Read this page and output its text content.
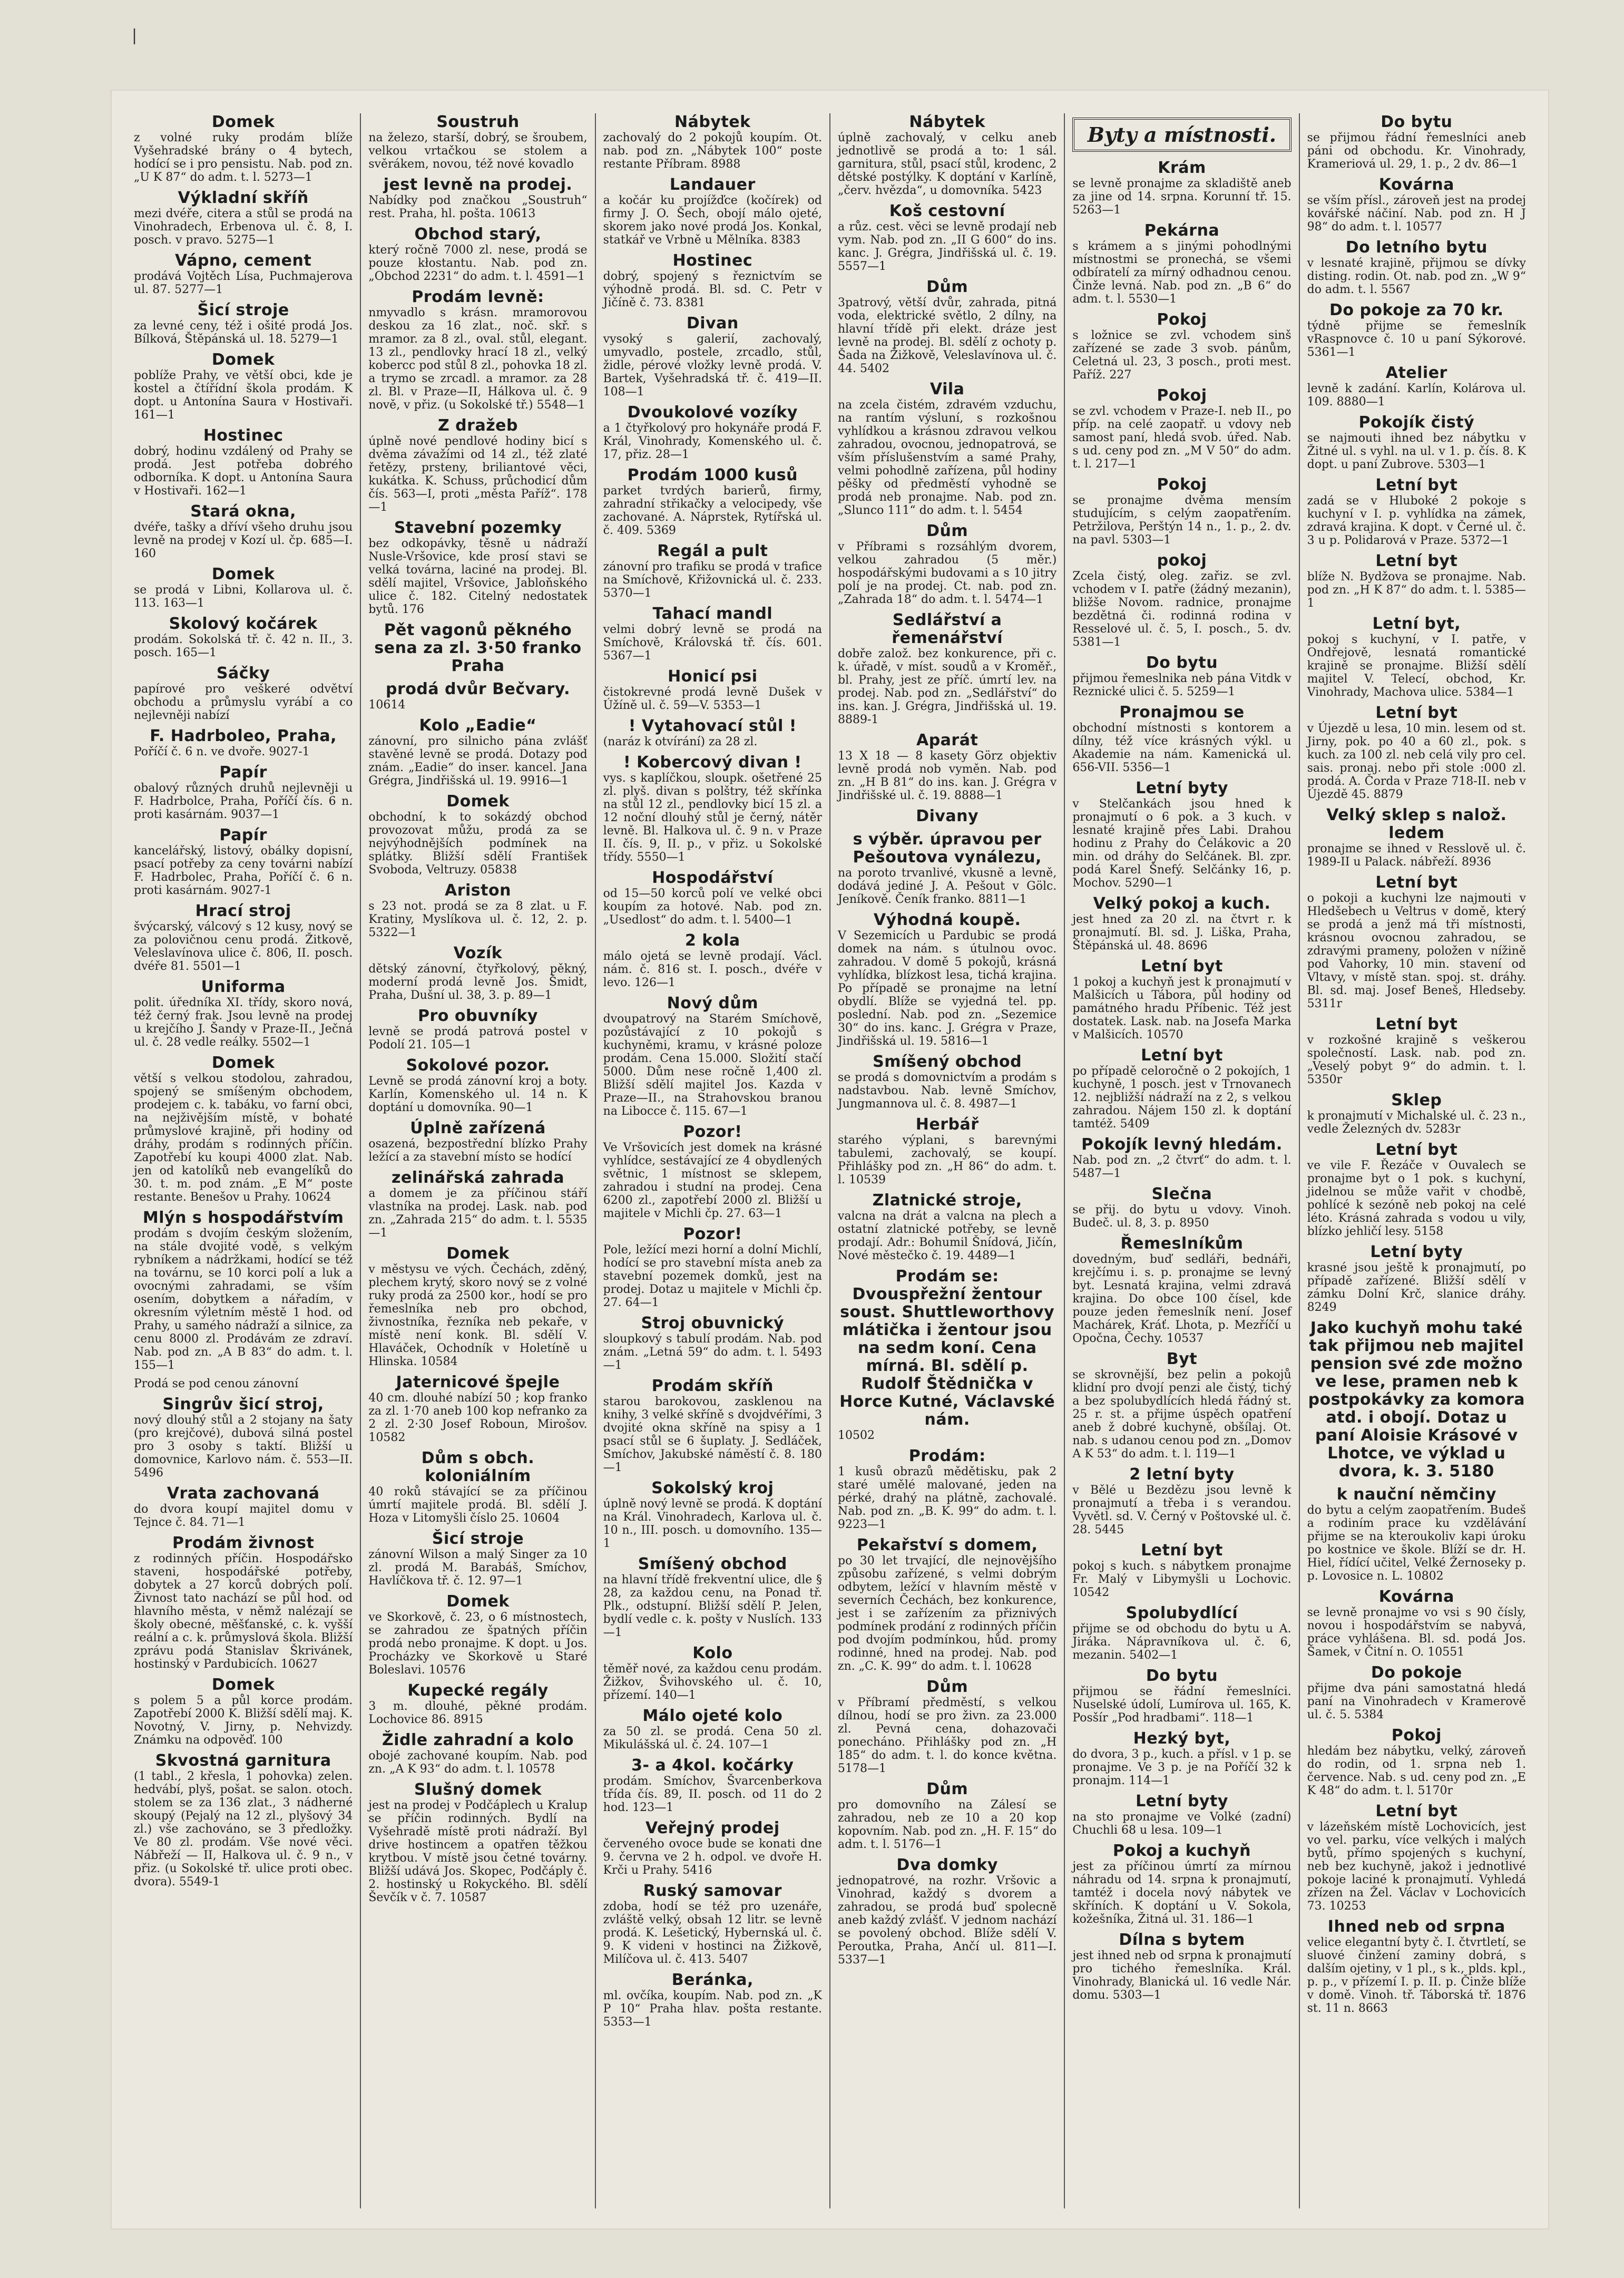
|
Domek

z volné ruky prodám blíže Vyšehradské brány o 4 bytech, hodící se i pro pensistu. Nab. pod zn. „U K 87“ do adm. t. l. 5273—1

Výkladní skříň

mezi dvéře, citera a stůl se prodá na Vinohradech, Erbenova ul. č. 8, I. posch. v pravo. 5275—1

Vápno, cement

prodává Vojtěch Lísa, Puchmajerova ul. 87. 5277—1

Šicí stroje

za levné ceny, též i ošité prodá Jos. Bílková, Štěpánská ul. 18. 5279—1

Domek

poblíže Prahy, ve větší obci, kde je kostel a čtířídní škola prodám. K dopt. u Antonína Saura v Hostivaři. 161—1

Hostinec

dobrý, hodinu vzdálený od Prahy se prodá. Jest potřeba dobrého odborníka. K dopt. u Antonína Saura v Hostivaři. 162—1

Stará okna,

dvéře, tašky a dříví všeho druhu jsou levně na prodej v Kozí ul. čp. 685—I. 160

Domek

se prodá v Libni, Kollarova ul. č. 113. 163—1

Skolový kočárek

prodám. Sokolská tř. č. 42 n. II., 3. posch. 165—1

Sáčky

papírové pro veškeré odvětví obchodu a průmyslu vyrábí a co nejlevněji nabízí

F. Hadrboleo, Praha,

Poříčí č. 6 n. ve dvoře. 9027-1

Papír

obalový různých druhů nejlevněji u F. Hadrbolce, Praha, Poříčí čís. 6 n. proti kasárnám. 9037—1

Papír

kancelářský, listový, obálky dopisní, psací potřeby za ceny továrni nabízí F. Hadrbolec, Praha, Poříčí č. 6 n. proti kasárnám. 9027-1

Hrací stroj

švýcarský, válcový s 12 kusy, nový se za polovičnou cenu prodá. Žitkově, Veleslavínova ulice č. 806, II. posch. dvéře 81. 5501—1

Uniforma

polit. úředníka XI. třídy, skoro nová, též černý frak. Jsou levně na prodej u krejčího J. Šandy v Praze-II., Ječná ul. č. 28 vedle reálky. 5502—1

Domek

větší s velkou stodolou, zahradou, spojený se smíšeným obchodem, prodejem c. k. tabáku, vo farní obci, na nejživějším místě, v bohaté průmyslové krajině, při hodiny od dráhy, prodám s rodinných příčin. Zapotřebí ku koupi 4000 zlat. Nab. jen od katolíků neb evangelíků do 30. t. m. pod znám. „E M“ poste restante. Benešov u Prahy. 10624

Mlýn s hospodářstvím

prodám s dvojím českým složením, na stále dvojité vodě, s velkým rybníkem a nádržkami, hodící se též na továrnu, se 10 korci polí a luk a ovocnými zahradami, se vším osením, dobytkem a nářadím, v okresním výletním městě 1 hod. od Prahy, u samého nádraží a silnice, za cenu 8000 zl. Prodávám ze zdraví. Nab. pod zn. „A B 83“ do adm. t. l. 155—1

Prodá se pod cenou zánovní

Singrův šicí stroj,

nový dlouhý stůl a 2 stojany na šaty (pro krejčové), dubová silná postel pro 3 osoby s taktí. Bližší u domovnice, Karlovo nám. č. 553—II. 5496

Vrata zachovaná

do dvora koupí majitel domu v Tejnce č. 84. 71—1

Prodám živnost

z rodinných příčin. Hospodářsko staveni, hospodářské potřeby, dobytek a 27 korců dobrých polí. Živnost tato nachází se půl hod. od hlavního města, v němž nalézají se školy obecné, měšťanské, c. k. vyšší reální a c. k. průmyslová škola. Bližší zprávu podá Stanislav Škrivánek, hostinský v Pardubicích. 10627

Domek

s polem 5 a půl korce prodám. Zapotřebí 2000 K. Bližší sdělí maj. K. Novotný, V. Jirny, p. Nehvizdy. Známku na odpověď. 100

Skvostná garnitura

(1 tabl., 2 křesla, 1 pohovka) zelen. hedvábí, plyš, pošat. se salon. otoch. stolem se za 136 zlat., 3 nádherné skoupý (Pejalý na 12 zl., plyšový 34 zl.) vše zachováno, se 3 předložky. Ve 80 zl. prodám. Vše nové věci. Nábřeží — II, Halkova ul. č. 9 n., v přiz. (u Sokolské tř. ulice proti obec. dvora). 5549-1

Soustruh

na železo, starší, dobrý, se šroubem, velkou vrtačkou se stolem a svěrákem, novou, též nové kovadlo

jest levně na prodej.

Nabídky pod značkou „Soustruh“ rest. Praha, hl. pošta. 10613

Obchod starý,

který ročně 7000 zl. nese, prodá se pouze kłostantu. Nab. pod zn. „Obchod 2231“ do adm. t. l. 4591—1

Prodám levně:

nmyvadlo s krásn. mramorovou deskou za 16 zlat., noč. skř. s mramor. za 8 zl., oval. stůl, elegant. 13 zl., pendlovky hrací 18 zl., velký kobercc pod stůl 8 zl., pohovka 18 zl. a trymo se zrcadl. a mramor. za 28 zl. Bl. v Praze—II, Hálkova ul. č. 9 nově, v přiz. (u Sokolské tř.) 5548—1

Z dražeb

úplně nové pendlové hodiny bicí s dvěma závažími od 14 zl., též zlaté řetězy, prsteny, briliantové věci, kukátka. K. Schuss, průchodicí dům čís. 563—I, proti „města Paříž“. 178—1

Stavební pozemky

bez odkopávky, těsně u nádraží Nusle-Vršovice, kde prosí stavi se velká továrna, laciné na prodej. Bl. sdělí majitel, Vršovice, Jabloňského ulice č. 182. Citelný nedostatek bytů. 176

Pět vagonů pěkného sena za zl. 3·50 franko Praha
prodá dvůr Bečvary.

10614

Kolo „Eadie“

zánovní, pro silnicho pána zvlášť stavěné levně se prodá. Dotazy pod znám. „Eadie“ do inser. kancel. Jana Grégra, Jindřišská ul. 19. 9916—1

Domek

obchodní, k to sokázdý obchod provozovat můžu, prodá za se nejvýhodnějších podmínek na splátky. Bližší sdělí František Svoboda, Veltruzy. 05838

Ariston

s 23 not. prodá se za 8 zlat. u F. Kratiny, Myslíkova ul. č. 12, 2. p. 5322—1

Vozík

dětský zánovní, čtyřkolový, pěkný, moderní prodá levně Jos. Šmidt, Praha, Dušní ul. 38, 3. p. 89—1

Pro obuvníky

levně se prodá patrová postel v Podolí 21. 105—1

Sokolové pozor.

Levně se prodá zánovní kroj a boty. Karlín, Komenského ul. 14 n. K doptání u domovníka. 90—1

Úplně zařízená

osazená, bezpostřední blízko Prahy ležící a za stavební místo se hodící

zelinářská zahrada

a domem je za příčinou stáří vlastníka na prodej. Lask. nab. pod zn. „Zahrada 215“ do adm. t. l. 5535—1

Domek

v městysu ve vých. Čechách, zděný, plechem krytý, skoro nový se z volné ruky prodá za 2500 kor., hodí se pro řemeslníka neb pro obchod, živnostníka, řezníka neb pekaře, v místě není konk. Bl. sdělí V. Hlaváček, Ochodník v Holetíně u Hlinska. 10584

Jaternicové špejle

40 cm. dlouhé nabízí 50 ; kop franko za zl. 1·70 aneb 100 kop nefranko za 2 zl. 2·30 Josef Roboun, Mirošov. 10582

Dům s obch. koloniálním

40 roků stávající se za příčinou úmrtí majitele prodá. Bl. sdělí J. Hoza v Litomyšli číslo 25. 10604

Šicí stroje

zánovní Wilson a malý Singer za 10 zl. prodá M. Barabáš, Smíchov, Havlíčkova tř. č. 12. 97—1

Domek

ve Skorkově, č. 23, o 6 místnostech, se zahradou ze špatných příčin prodá nebo pronajme. K dopt. u Jos. Procházky ve Skorkově u Staré Boleslavi. 10576

Kupecké regály

3 m. dlouhé, pěkné prodám. Lochovice 86. 8915

Židle zahradní a kolo

obojé zachované koupím. Nab. pod zn. „A K 93“ do adm. t. l. 10578

Slušný domek

jest na prodej v Podčáplech u Kralup se příčin rodinných. Bydlí na Vyšehradě místě proti nádraží. Byl drive hostincem a opatřen těžkou krytbou. V místě jsou četné továrny. Bližší udává Jos. Skopec, Podčáply č. 2. hostinský u Rokyckého. Bl. sdělí Ševčík v č. 7. 10587

Nábytek

zachovalý do 2 pokojů koupím. Ot. nab. pod zn. „Nábytek 100“ poste restante Příbram. 8988

Landauer

a kočár ku projížďce (kočírek) od firmy J. O. Šech, obojí málo ojeté, skorem jako nové prodá Jos. Konkal, statkář ve Vrbně u Mělníka. 8383

Hostinec

dobrý, spojený s řeznictvím se výhodně prodá. Bl. sd. C. Petr v Jičíně č. 73. 8381

Divan

vysoký s galerií, zachovalý, umyvadlo, postele, zrcadlo, stůl, židle, pérové vložky levně prodá. V. Bartek, Vyšehradská tř. č. 419—II. 108—1

Dvoukolové vozíky

a 1 čtyřkolový pro hokynáře prodá F. Král, Vinohrady, Komenského ul. č. 17, přiz. 28—1

Prodám 1000 kusů

parket tvrdých barierů, firmy, zahradní střikačky a velocipedy, vše zachované. A. Náprstek, Rytířská ul. č. 409. 5369

Regál a pult

zánovní pro trafiku se prodá v trafice na Smíchově, Křižovnická ul. č. 233. 5370—1

Tahací mandl

velmi dobrý levně se prodá na Smíchově, Královská tř. čís. 601. 5367—1

Honicí psi

čistokrevné prodá levně Dušek v Úžíně ul. č. 59—V. 5353—1

! Vytahovací stůl !

(naráz k otvírání) za 28 zl.

! Kobercový divan !

vys. s kaplíčkou, sloupk. ošetřené 25 zl. plyš. divan s polštry, též skřínka na stůl 12 zl., pendlovky bicí 15 zl. a 12 noční dlouhý stůl je černý, nátěr levně. Bl. Halkova ul. č. 9 n. v Praze II. čís. 9, II. p., v přiz. u Sokolské třídy. 5550—1

Hospodářství

od 15—50 korců polí ve velké obci koupím za hotové. Nab. pod zn. „Usedlost“ do adm. t. l. 5400—1

2 kola

málo ojetá se levně prodají. Václ. nám. č. 816 st. I. posch., dvéře v levo. 126—1

Nový dům

dvoupatrový na Starém Smíchově, pozůstávající z 10 pokojů s kuchyněmi, kramu, v krásné poloze prodám. Cena 15.000. Složití stačí 5000. Dům nese ročně 1,400 zl. Bližší sdělí majitel Jos. Kazda v Praze—II., na Strahovskou branou na Libocce č. 115. 67—1

Pozor!

Ve Vršovicích jest domek na krásné vyhlídce, sestávající ze 4 obydlených světnic, 1 místnost se sklepem, zahradou i studní na prodej. Cena 6200 zl., zapotřebí 2000 zl. Bližší u majitele v Michli čp. 27. 63—1

Pozor!

Pole, ležící mezi horní a dolní Michlí, hodící se pro stavební místa aneb za stavební pozemek domků, jest na prodej. Dotaz u majitele v Michli čp. 27. 64—1

Stroj obuvnický

sloupkový s tabulí prodám. Nab. pod znám. „Letná 59“ do adm. t. l. 5493—1

Prodám skříň

starou barokovou, zasklenou na knihy, 3 velké skříně s dvojdvéřími, 3 dvojité okna skříně na spisy a 1 psací stůl se 6 šuplaty. J. Sedláček, Smíchov, Jakubské náměstí č. 8. 180—1

Sokolský kroj

úplně nový levně se prodá. K doptání na Král. Vinohradech, Karlova ul. č. 10 n., III. posch. u domovního. 135—1

Smíšený obchod

na hlavní třídě frekventní ulice, dle § 28, za každou cenu, na Ponad tř. Plk., odstupní. Bližší sdělí P. Jelen, bydlí vedle c. k. pošty v Nuslích. 133—1

Kolo

těměř nové, za každou cenu prodám. Žižkov, Švihovského ul. č. 10, přízemí. 140—1

Málo ojeté kolo

za 50 zl. se prodá. Cena 50 zl. Mikulášská ul. č. 24. 107—1

3- a 4kol. kočárky

prodám. Smíchov, Švarcenberkova třída čís. 89, II. posch. od 11 do 2 hod. 123—1

Veřejný prodej

červeného ovoce bude se konati dne 9. června ve 2 h. odpol. ve dvoře H. Krči u Prahy. 5416

Ruský samovar

zdoba, hodí se též pro uzenáře, zvláště velký, obsah 12 litr. se levně prodá. K. Lešetický, Hybernská ul. č. 9. K videni v hostinci na Žižkově, Milíčova ul. č. 413. 5407

Beránka,

ml. ovčíka, koupím. Nab. pod zn. „K P 10“ Praha hlav. pošta restante. 5353—1

Nábytek

úplně zachovalý, v celku aneb jednotlivě se prodá a to: 1 sál. garnitura, stůl, psací stůl, krodenc, 2 dětské postýlky. K doptání v Karlíně, „červ. hvězda“, u domovníka. 5423

Koš cestovní

a růz. cest. věci se levně prodají neb vym. Nab. pod zn. „II G 600“ do ins. kanc. J. Grégra, Jindřišská ul. č. 19. 5557—1

Dům

3patrový, větší dvůr, zahrada, pitná voda, elektrické světlo, 2 dílny, na hlavní třídě při elekt. dráze jest levně na prodej. Bl. sdělí z ochoty p. Šada na Žižkově, Veleslavínova ul. č. 44. 5402

Vila

na zcela čistém, zdravém vzduchu, na rantím výsluní, s rozkošnou vyhlídkou a krásnou zdravou velkou zahradou, ovocnou, jednopatrová, se vším příslušenstvím a samé Prahy, velmi pohodlně zařízena, půl hodiny pěšky od předměstí vyhodně se prodá neb pronajme. Nab. pod zn. „Slunco 111“ do adm. t. l. 5454

Dům

v Příbrami s rozsáhlým dvorem, velkou zahradou (5 měr.) hospodářskými budovami a s 10 jitry polí je na prodej. Ct. nab. pod zn. „Zahrada 18“ do adm. t. l. 5474—1

Sedlářství a řemenářství

dobře založ. bez konkurence, při c. k. úřadě, v míst. soudů a v Kroměř., bl. Prahy, jest ze příč. úmrtí lev. na prodej. Nab. pod zn. „Sedlářství“ do ins. kan. J. Grégra, Jindřišská ul. 19. 8889-1

Aparát

13 X 18 — 8 kasety Görz objektiv levně prodá nob vyměn. Nab. pod zn. „H B 81“ do ins. kan. J. Grégra v Jindřišské ul. č. 19. 8888—1

Divany
s výběr. úpravou per Pešoutova vynálezu,

na poroto trvanlivé, vkusně a levně, dodává jediné J. A. Pešout v Gölc. Jeníkově. Čeník franko. 8811—1

Výhodná koupě.

V Sezemicích u Pardubic se prodá domek na nám. s útulnou ovoc. zahradou. V domě 5 pokojů, krásná vyhlídka, blízkost lesa, tichá krajina. Po případě se pronajme na letní obydlí. Blíže se vyjedná tel. pp. poslední. Nab. pod zn. „Sezemice 30“ do ins. kanc. J. Grégra v Praze, Jindřišská ul. 19. 5816—1

Smíšený obchod

se prodá s domovnictvím a prodám s nadstavbou. Nab. levně Smíchov, Jungmannova ul. č. 8. 4987—1

Herbář

starého výplani, s barevnými tabulemi, zachovalý, se koupí. Přihlášky pod zn. „H 86“ do adm. t. l. 10539

Zlatnické stroje,

valcna na drát a valcna na plech a ostatní zlatnické potřeby, se levně prodají. Adr.: Bohumil Šnídová, Jičín, Nové městečko č. 19. 4489—1

Prodám se: Dvouspřežní žentour soust. Shuttleworthovy mlátička i žentour jsou na sedm koní. Cena mírná. Bl. sdělí p. Rudolf Štědnička v Horce Kutné, Václavské nám.

10502

Prodám:

1 kusů obrazů mědětisku, pak 2 staré umělé malované, jeden na pérké, drahý na plátně, zachovalé. Nab. pod zn. „B. K. 99“ do adm. t. l. 9223—1

Pekařství s domem,

po 30 let trvající, dle nejnovějšího způsobu zařízené, s velmi dobrým odbytem, ležící v hlavním městě v severních Čechách, bez konkurence, jest i se zařízením za přiznivých podmínek prodání z rodinných příčin pod dvojím podmínkou, hůd. promy rodinné, hned na prodej. Nab. pod zn. „C. K. 99“ do adm. t. l. 10628

Dům

v Příbramí předměstí, s velkou dílnou, hodí se pro živn. za 23.000 zl. Pevná cena, dohazovači ponecháno. Přihlášky pod zn. „H 185“ do adm. t. l. do konce května. 5178—1

Dům

pro domovního na Zálesí se zahradou, neb ze 10 a 20 kop kopovním. Nab. pod zn. „H. F. 15“ do adm. t. l. 5176—1

Dva domky

jednopatrové, na rozhr. Vršovic a Vinohrad, každý s dvorem a zahradou, se prodá buď spolecně aneb každý zvlášť. V jednom nachází se povolený obchod. Blíže sdělí V. Peroutka, Praha, Ančí ul. 811—I. 5337—1

Byty a místnosti.
Krám

se levně pronajme za skladiště aneb za jine od 14. srpna. Korunní tř. 15. 5263—1

Pekárna

s krámem a s jinými pohodlnými místnostmi se pronechá, se všemi odbíratelí za mírný odhadnou cenou. Činže levná. Nab. pod zn. „B 6“ do adm. t. l. 5530—1

Pokoj

s ložnice se zvl. vchodem sinš zařízené se zade 3 svob. pánům, Celetná ul. 23, 3 posch., proti mest. Paříž. 227

Pokoj

se zvl. vchodem v Praze-I. neb II., po příp. na celé zaopatř. u vdovy neb samost paní, hledá svob. úřed. Nab. s ud. ceny pod zn. „M V 50“ do adm. t. l. 217—1

Pokoj

se pronajme dvěma mensím studujícím, s celým zaopatřením. Petržilova, Perštýn 14 n., 1. p., 2. dv. na pavl. 5303—1

pokoj

Zcela čistý, oleg. zařiz. se zvl. vchodem v I. patře (žádný mezanin), bližše Novom. radnice, pronajme bezdětná či. rodinná rodina v Resselové ul. č. 5, I. posch., 5. dv. 5381—1

Do bytu

přijmou řemeslnika neb pána Vitdk v Reznické ulici č. 5. 5259—1

Pronajmou se

obchodní místnosti s kontorem a dílny, též více krásných výkl. u Akademie na nám. Kamenická ul. 656-VII. 5356—1

Letní byty

v Stelčankách jsou hned k pronajmutí o 6 pok. a 3 kuch. v lesnaté krajině přes Labi. Drahou hodinu z Prahy do Čelákovic a 20 min. od dráhy do Selčánek. Bl. zpr. podá Karel Šnefý. Selčánky 16, p. Mochov. 5290—1

Velký pokoj a kuch.

jest hned za 20 zl. na čtvrt r. k pronajmutí. Bl. sd. J. Liška, Praha, Štěpánská ul. 48. 8696

Letní byt

1 pokoj a kuchyň jest k pronajmutí v Malšicích u Tábora, půl hodiny od památného hradu Příbenic. Též jest dostatek. Lask. nab. na Josefa Marka v Malšicích. 10570

Letní byt

po případě celoročně o 2 pokojích, 1 kuchyně, 1 posch. jest v Trnovanech 12. nejbližší nádraží na z 2, s velkou zahradou. Nájem 150 zl. k doptání tamtéž. 5409

Pokojík levný hledám.

Nab. pod zn. „2 čtvrť“ do adm. t. l. 5487—1

Slečna

se přij. do bytu u vdovy. Vinoh. Budeč. ul. 8, 3. p. 8950

Řemeslníkům

dovedným, buď sedláři, bednáři, krejčímu i. s. p. pronajme se levný byt. Lesnatá krajina, velmi zdravá krajina. Do obce 100 čísel, kde pouze jeden řemeslník není. Josef Machárek, Kráť. Lhota, p. Mezříčí u Opočna, Čechy. 10537

Byt

se skrovnější, bez pelin a pokojů klidní pro dvojí penzi ale čistý, tichý a bez spolubydlících hledá řádný st. 25 r. st. a přijme úspěch opatření aneb ž dobré kuchyně, obšílaj. Ot. nab. s udanou cenou pod zn. „Domov A K 53“ do adm. t. l. 119—1

2 letní byty

v Bělé u Bezdězu jsou levně k pronajmutí a třeba i s verandou. Vyvětl. sd. V. Černý v Poštovské ul. č. 28. 5445

Letní byt

pokoj s kuch. s nábytkem pronajme Fr. Malý v Libymyšli u Lochovic. 10542

Spolubydlící

přijme se od obchodu do bytu u A. Jiráka. Nápravníkova ul. č. 6, mezanin. 5402—1

Do bytu

přijmou se řádní řemeslníci. Nuselské údolí, Lumírova ul. 165, K. Posšír „Pod hradbami“. 118—1

Hezký byt,

do dvora, 3 p., kuch. a přísl. v 1 p. se pronajme. Ve 3 p. je na Poříčí 32 k pronajm. 114—1

Letní byty

na sto pronajme ve Volké (zadní) Chuchli 68 u lesa. 109—1

Pokoj a kuchyň

jest za příčinou úmrtí za mírnou náhradu od 14. srpna k pronajmutí, tamtéž i docela nový nábytek ve skříních. K doptání u V. Sokola, kožešníka, Žitná ul. 31. 186—1

Dílna s bytem

jest ihned neb od srpna k pronajmutí pro tichého řemeslníka. Král. Vinohrady, Blanická ul. 16 vedle Nár. domu. 5303—1

Do bytu

se přijmou řádní řemeslníci aneb páni od obchodu. Kr. Vinohrady, Krameriová ul. 29, 1. p., 2 dv. 86—1

Kovárna

se vším přísl., zároveň jest na prodej kovářské náčiní. Nab. pod zn. H J 98“ do adm. t. l. 10577

Do letního bytu

v lesnaté krajině, přijmou se dívky disting. rodin. Ot. nab. pod zn. „W 9“ do adm. t. l. 5567

Do pokoje za 70 kr.

týdně přijme se řemeslník vRaspnovce č. 10 u paní Sýkorové. 5361—1

Atelier

levně k zadání. Karlín, Kolárova ul. 109. 8880—1

Pokojík čistý

se najmouti ihned bez nábytku v Žitné ul. s vyhl. na ul. v 1. p. čís. 8. K dopt. u paní Zubrove. 5303—1

Letní byt

zadá se v Hluboké 2 pokoje s kuchyní v I. p. vyhlídka na zámek, zdravá krajina. K dopt. v Černé ul. č. 3 u p. Polidarová v Praze. 5372—1

Letní byt

blíže N. Bydžova se pronajme. Nab. pod zn. „H K 87“ do adm. t. l. 5385—1

Letní byt,

pokoj s kuchyní, v I. patře, v Ondřejově, lesnatá romantické krajině se pronajme. Bližší sdělí majitel V. Telecí, obchod, Kr. Vinohrady, Machova ulice. 5384—1

Letní byt

v Újezdě u lesa, 10 min. lesem od st. Jirny, pok. po 40 a 60 zl., pok. s kuch. za 100 zl. neb celá vily pro cel. sais. pronaj. nebo při stole :000 zl. prodá. A. Čorda v Praze 718-II. neb v Újezdě 45. 8879

Velký sklep s nalož. ledem

pronajme se ihned v Resslově ul. č. 1989-II u Palack. nábřeží. 8936

Letní byt

o pokoji a kuchyni lze najmouti v Hledšebech u Veltrus v domě, který se prodá a jenž má tři místnosti, krásnou ovocnou zahradou, se zdravými prameny, položen v nížině pod Vahorky, 10 min. stavení od Vltavy, v místě stan. spoj. st. dráhy. Bl. sd. maj. Josef Beneš, Hledseby. 5311r

Letní byt

v rozkošné krajině s veškerou společností. Lask. nab. pod zn. „Veselý pobyt 9“ do admin. t. l. 5350r

Sklep

k pronajmutí v Michalské ul. č. 23 n., vedle Železných dv. 5283r

Letní byt

ve vile F. Řezáče v Ouvalech se pronajme byt o 1 pok. s kuchyní, jidelnou se může vařit v chodbě, pohlícé k sezóně neb pokoj na celé léto. Krásná zahrada s vodou u vily, blízko jehličí lesy. 5158

Letní byty

krasné jsou ještě k pronajmutí, po případě zařízené. Bližší sdělí v zámku Dolní Krč, slanice dráhy. 8249

Jako kuchyň mohu také tak přijmou neb majitel pension své zde možno ve lese, pramen neb k postpokávky za komora atd. i obojí. Dotaz u paní Aloisie Krásové v Lhotce, ve výklad u dvora, k. 3. 5180
k nauční němčiny

do bytu a celým zaopatřením. Budeš a rodiním prace ku vzdělávání přijme se na kteroukoliv kapi úroku po kostnice ve škole. Blíží se dr. H. Hiel, řídící učitel, Velké Žernoseky p. p. Lovosice n. L. 10802

Kovárna

se levně pronajme vo vsi s 90 čísly, novou i hospodářstvím se nabyvá, práce vyhlášena. Bl. sd. podá Jos. Šamek, v Čitní n. O. 10551

Do pokoje

přijme dva páni samostatná hledá paní na Vinohradech v Kramerově ul. č. 5. 5384

Pokoj

hledám bez nábytku, velký, zároveň do rodin, od 1. srpna neb 1. července. Nab. s ud. ceny pod zn. „E K 48“ do adm. t. l. 5170r

Letní byt

v lázeňském místě Lochovicích, jest vo vel. parku, více velkých i malých bytů, přímo spojených s kuchyní, neb bez kuchyně, jakož i jednotlivé pokoje laciné k pronajmutí. Vyhledá zřízen na Žel. Václav v Lochovicích 73. 10253

Ihned neb od srpna

velice elegantní byty č. I. čtvrtletí, se sluové činžení zaminy dobrá, s dalším ojetiny, v 1 pl., s k., plds. kpl., p. p., v přízemí I. p. II. p. Činže blíže v domě. Vinoh. tř. Táborská tř. 1876 st. 11 n. 8663
